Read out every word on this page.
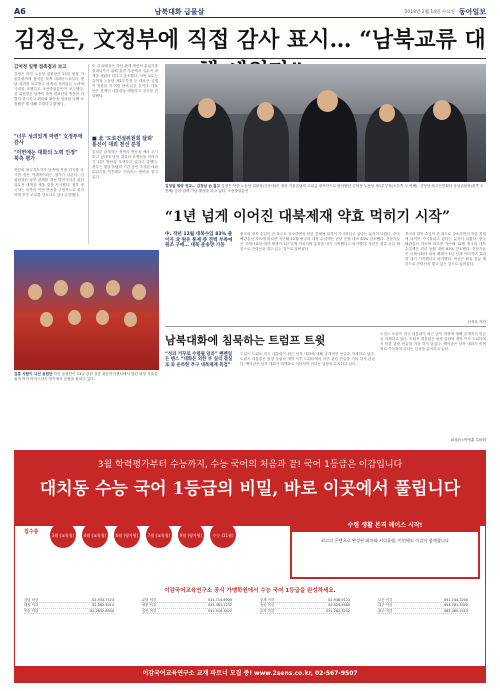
A6	남북대화 급물살	2018년 2월 14일 수요일 동아일보
김정은, 文정부에 직접 감사 표시… “남북교류 대
김여정 일행 접촉결과 보고
김정은 북한 노동당 위원장은 13일 평창 겨울올림픽에 참석한 북측 대표단으로부터 방남 결과를 보고받고 남측의 성의있는 노력에 사의를 표했다고 조선중앙통신이 보도했다. 김 위원장은 남측이 북측 대표단의 방문을 각별히 중시하고 편의와 활동을 성의를 다해 보장해준 데 대해 고맙다고 밝혔다.
"너무 성의있게 마련" 文정부에 감사
"이번에는 대화의 노력 인정" 북측 평가
북한의 최고지도자가 남측에 직접 감사를 표시한 것은 이례적이라는 평가가 나온다. 김 위원장은 남북 관계를 개선 발전시키기 위한 실무적 대책을 세울 것을 지시했다. 정부 당국자는 북측의 이번 반응을 긍정적으로 평가하며 후속 조치를 검토하고 있다고 밝혔다.
또 김 위원장은 북남 관계 개선의 분위기를 살려나가기 위해 관련 부문에서 실무적 대책을 세워야 한다고 강조했다. 이번 보도는 김여정 노동당 제1부부장 등 대표단 일행이 귀환한 지 이틀 만에 나온 것이다. 대표단은 문재인 대통령을 예방하고 친서를 전달했다.
■ 北 '도로건설위원회 달뢰' 통신이 대외 천선 분칭
통일부 관계자는 북측의 반응을 예의 주시하고 있다며 남북 대화의 모멘텀을 이어가기 위한 방안을 모색하고 있다고 말했다. 정부는 평창 올림픽 기간 동안 조성된 대화 분위기를 이후에도 이어가는 방안을 찾고 있다.
김정일 평양 귀교… 김정남 손 접고 김정은 북한 노동당 위원장(가운데)이 평창 겨울올림픽 고위급 대표단으로 방남했던 김여정 노동당 제1부부장(오른쪽 두 번째), 김영남 최고인민회의 상임위원장(왼쪽 두 번째) 등과 함께 기념 촬영을 하고 있다. 조선중앙통신
“1년 넘게 이어진 대북제재 약효 먹히기 시작”
中, 작년 12월 대북수입 83% 줄이자 北 원유 통제 증 전력 부족에 원조 구매… 대북 운송망 가동
중국의 대북 수입이 큰 폭으로 감소하면서 북한 경제에 타격이 가시화되고 있다는 분석이 나왔다. 중국 해관총서 자료에 따르면 지난해 12월 중국의 대북 수입액은 전년 동월 대비 83% 감소했다. 전문가들은 국제사회의 대북 제재가 1년 넘게 이어지며 효과를 내기 시작했다고 평가했다. 북한은 원유 공급 제한으로 전력난을 겪고 있는 것으로 알려졌다.
중국의 대북 수입이 큰 폭으로 감소하면서 북한 경제에 타격이 가시화되고 있다는 분석이 나왔다. 중국 해관총서 자료에 따르면 지난해 12월 중국의 대북 수입액은 전년 동월 대비 83% 감소했다. 전문가들은 국제사회의 대북 제재가 1년 넘게 이어지며 효과를 내기 시작했다고 평가했다. 북한은 원유 공급 제한으로 전력난을 겪고 있는 것으로 알려졌다.
신석호 기자
김흥 사람이 나선 응원단 북한 응원단이 13일 강원 강릉 관동하키센터에서 열린 평창 겨울올림픽 여자 아이스하키 경기에서 응원을 펼치고 있다.
남북대화에 침묵하는 트럼프 트윗
“성과 거꾸로 수렴될 암과” 펜펜얼든 팬스 “대화든 외한 부 실리 결실로 와 운하한 추구 대북제재 특검”
도널드 트럼프 미국 대통령이 최근 남북 대화에 대해 공개적인 언급을 자제하고 있다. 트럼프 대통령은 평창 올림픽 개막 이후 트위터에서 북한 관련 언급을 거의 하지 않았다. 백악관은 남북 대화가 비핵화로 이어져야 한다는 입장을 유지하고 있다.
도널드 트럼프 미국 대통령이 최근 남북 대화에 대해 공개적인 언급을 자제하고 있다. 트럼프 대통령은 평창 올림픽 개막 이후 트위터에서 북한 관련 언급을 거의 하지 않았다. 백악관은 남북 대화가 비핵화로 이어져야 한다는 입장을 유지하고 있다.
워싱턴=박정훈 특파원
3월 학력평가부터 수능까지, 수능 국어의 처음과 끝! 국어 1등급은 이감입니다
대치동 수능 국어 1등급의 비밀, 바로 이곳에서 풀립니다
집수종	3월 (교육청)	4월 (교육청)	6월 (평가원)	7월 (교육청)	9월 (평가원)	수능 (11월)
수험 생활 본격 레이스 시작!
최고의 콘텐츠로 완성된 회차와 커리큘럼, 이번에도 이감이 함께합니다
이감국어교육연구소 공식 가맹학원에서 수능 국어 1등급을 완성하세요.
강남 비상	02-553-7123
대치 이감	02-562-5514
목동 이감	02-2652-8300
분당 이감	031-714-6900
평촌 이감	031-381-2232
일산 이감	031-916-3522
중계 이감	02-938-9123
송파 이감	02-420-5580
수지 이감	031-262-3232
부산 이감	051-744-2200
대구 이감	053-781-3300
광주 이감	062-365-1515
이감국어교육연구소 교재 파트너 모집 중! www.2sens.co.kr, 02-567-9507
